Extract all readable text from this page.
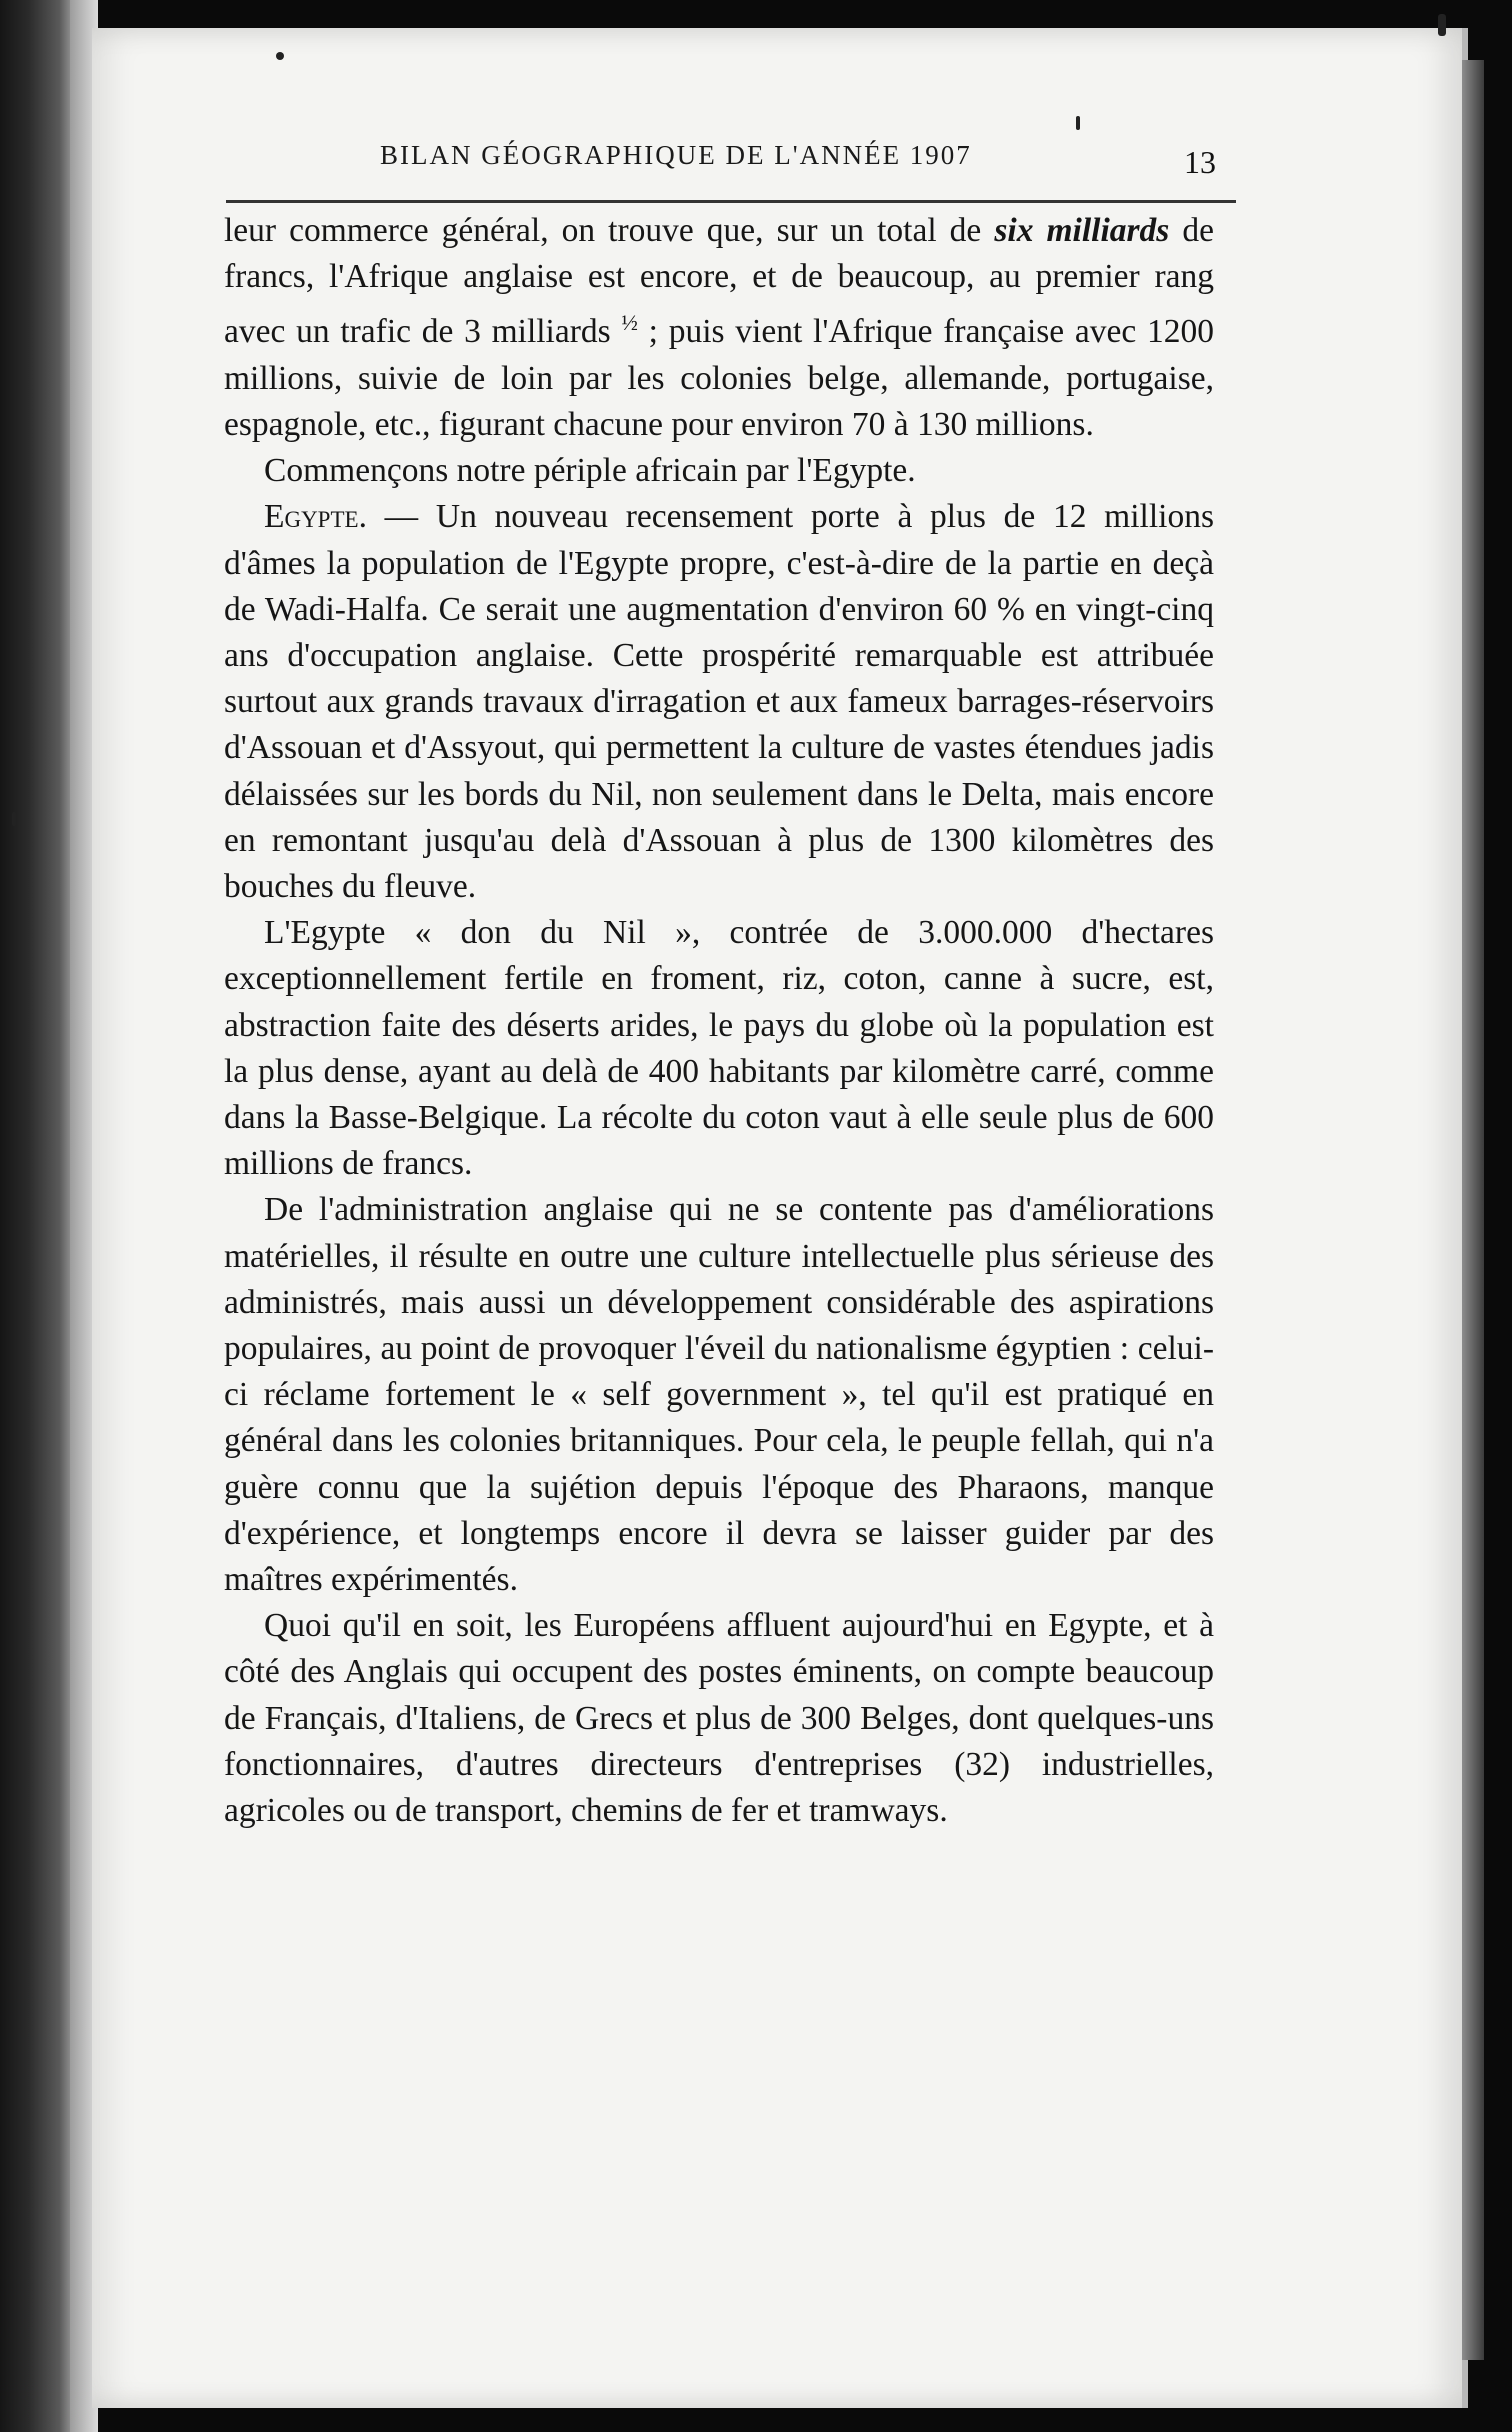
BILAN GÉOGRAPHIQUE DE L'ANNÉE 1907	13

leur commerce général, on trouve que, sur un total de six milliards de francs, l'Afrique anglaise est encore, et de beaucoup, au premier rang avec un trafic de 3 milliards $^{\frac{1}{2}}$ ; puis vient l'Afrique française avec 1200 millions, suivie de loin par les colonies belge, allemande, portugaise, espagnole, etc., figurant chacune pour environ 70 à 130 millions.

Commençons notre périple africain par l'Egypte.

Egypte. — Un nouveau recensement porte à plus de 12 millions d'âmes la population de l'Egypte propre, c'est-à-dire de la partie en deçà de Wadi-Halfa. Ce serait une augmentation d'environ 60 % en vingt-cinq ans d'occupation anglaise. Cette prospérité remarquable est attribuée surtout aux grands travaux d'irragation et aux fameux barrages-réservoirs d'Assouan et d'Assyout, qui permettent la culture de vastes étendues jadis délaissées sur les bords du Nil, non seulement dans le Delta, mais encore en remontant jusqu'au delà d'Assouan à plus de 1300 kilomètres des bouches du fleuve.

L'Egypte « don du Nil », contrée de 3.000.000 d'hectares exceptionnellement fertile en froment, riz, coton, canne à sucre, est, abstraction faite des déserts arides, le pays du globe où la population est la plus dense, ayant au delà de 400 habitants par kilomètre carré, comme dans la Basse-Belgique. La récolte du coton vaut à elle seule plus de 600 millions de francs.

De l'administration anglaise qui ne se contente pas d'améliorations matérielles, il résulte en outre une culture intellectuelle plus sérieuse des administrés, mais aussi un développement considérable des aspirations populaires, au point de provoquer l'éveil du nationalisme égyptien : celui-ci réclame fortement le « self government », tel qu'il est pratiqué en général dans les colonies britanniques. Pour cela, le peuple fellah, qui n'a guère connu que la sujétion depuis l'époque des Pharaons, manque d'expérience, et longtemps encore il devra se laisser guider par des maîtres expérimentés.

Quoi qu'il en soit, les Européens affluent aujourd'hui en Egypte, et à côté des Anglais qui occupent des postes éminents, on compte beaucoup de Français, d'Italiens, de Grecs et plus de 300 Belges, dont quelques-uns fonctionnaires, d'autres directeurs d'entreprises (32) industrielles, agricoles ou de transport, chemins de fer et tramways.
